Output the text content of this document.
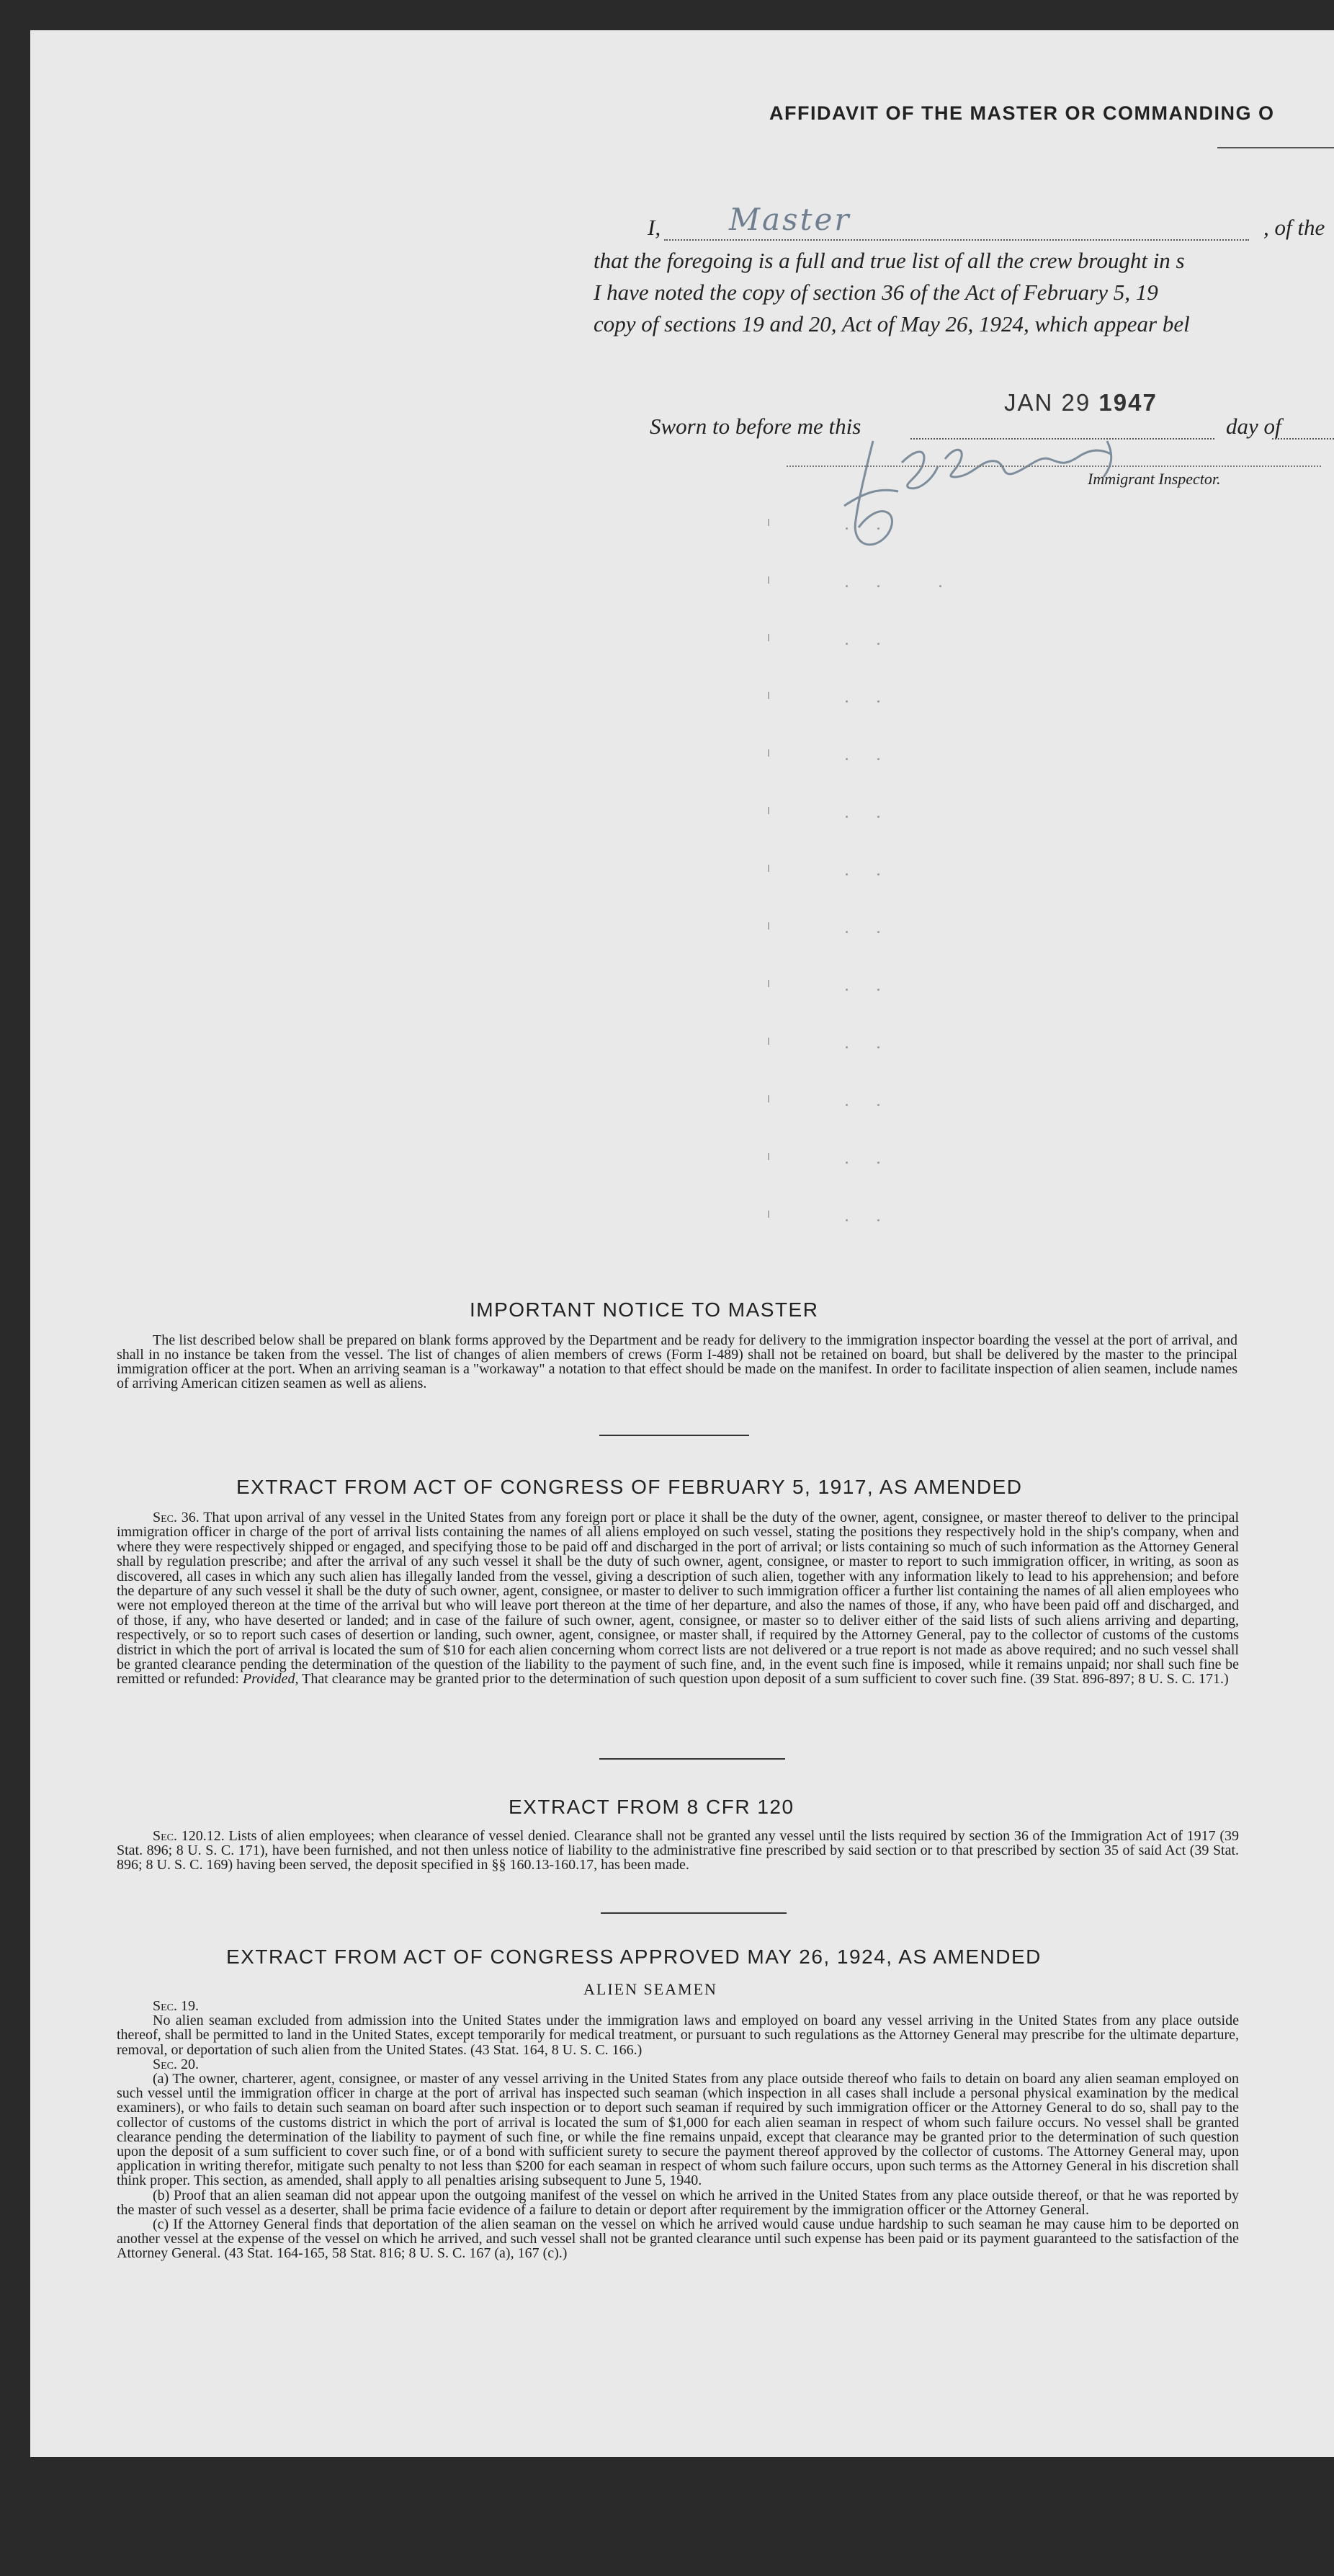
AFFIDAVIT OF THE MASTER OR COMMANDING O
I, Master	, of the
that the foregoing is a full and true list of all the crew brought in s
I have noted the copy of section 36 of the Act of February 5, 19
copy of sections 19 and 20, Act of May 26, 1924, which appear bel
Sworn to before me this
JAN 29 1947
day of
Immigrant Inspector.
IMPORTANT NOTICE TO MASTER

The list described below shall be prepared on blank forms approved by the Department and be ready for delivery to the immigration inspector boarding the vessel at the port of arrival, and shall in no instance be taken from the vessel. The list of changes of alien members of crews (Form I-489) shall not be retained on board, but shall be delivered by the master to the principal immigration officer at the port. When an arriving seaman is a "workaway" a notation to that effect should be made on the manifest. In order to facilitate inspection of alien seamen, include names of arriving American citizen seamen as well as aliens.

EXTRACT FROM ACT OF CONGRESS OF FEBRUARY 5, 1917, AS AMENDED

Sec. 36. That upon arrival of any vessel in the United States from any foreign port or place it shall be the duty of the owner, agent, consignee, or master thereof to deliver to the principal immigration officer in charge of the port of arrival lists containing the names of all aliens employed on such vessel, stating the positions they respectively hold in the ship's company, when and where they were respectively shipped or engaged, and specifying those to be paid off and discharged in the port of arrival; or lists containing so much of such information as the Attorney General shall by regulation prescribe; and after the arrival of any such vessel it shall be the duty of such owner, agent, consignee, or master to report to such immigration officer, in writing, as soon as discovered, all cases in which any such alien has illegally landed from the vessel, giving a description of such alien, together with any information likely to lead to his apprehension; and before the departure of any such vessel it shall be the duty of such owner, agent, consignee, or master to deliver to such immigration officer a further list containing the names of all alien employees who were not employed thereon at the time of the arrival but who will leave port thereon at the time of her departure, and also the names of those, if any, who have been paid off and discharged, and of those, if any, who have deserted or landed; and in case of the failure of such owner, agent, consignee, or master so to deliver either of the said lists of such aliens arriving and departing, respectively, or so to report such cases of desertion or landing, such owner, agent, consignee, or master shall, if required by the Attorney General, pay to the collector of customs of the customs district in which the port of arrival is located the sum of $10 for each alien concerning whom correct lists are not delivered or a true report is not made as above required; and no such vessel shall be granted clearance pending the determination of the question of the liability to the payment of such fine, and, in the event such fine is imposed, while it remains unpaid; nor shall such fine be remitted or refunded: Provided, That clearance may be granted prior to the determination of such question upon deposit of a sum sufficient to cover such fine. (39 Stat. 896-897; 8 U. S. C. 171.)

EXTRACT FROM 8 CFR 120

Sec. 120.12. Lists of alien employees; when clearance of vessel denied. Clearance shall not be granted any vessel until the lists required by section 36 of the Immigration Act of 1917 (39 Stat. 896; 8 U. S. C. 171), have been furnished, and not then unless notice of liability to the administrative fine prescribed by said section or to that prescribed by section 35 of said Act (39 Stat. 896; 8 U. S. C. 169) having been served, the deposit specified in §§ 160.13-160.17, has been made.

EXTRACT FROM ACT OF CONGRESS APPROVED MAY 26, 1924, AS AMENDED
ALIEN SEAMEN
Sec. 19.
No alien seaman excluded from admission into the United States under the immigration laws and employed on board any vessel arriving in the United States from any place outside thereof, shall be permitted to land in the United States, except temporarily for medical treatment, or pursuant to such regulations as the Attorney General may prescribe for the ultimate departure, removal, or deportation of such alien from the United States. (43 Stat. 164, 8 U. S. C. 166.)
Sec. 20.
(a) The owner, charterer, agent, consignee, or master of any vessel arriving in the United States from any place outside thereof who fails to detain on board any alien seaman employed on such vessel until the immigration officer in charge at the port of arrival has inspected such seaman (which inspection in all cases shall include a personal physical examination by the medical examiners), or who fails to detain such seaman on board after such inspection or to deport such seaman if required by such immigration officer or the Attorney General to do so, shall pay to the collector of customs of the customs district in which the port of arrival is located the sum of $1,000 for each alien seaman in respect of whom such failure occurs. No vessel shall be granted clearance pending the determination of the liability to payment of such fine, or while the fine remains unpaid, except that clearance may be granted prior to the determination of such question upon the deposit of a sum sufficient to cover such fine, or of a bond with sufficient surety to secure the payment thereof approved by the collector of customs. The Attorney General may, upon application in writing therefor, mitigate such penalty to not less than $200 for each seaman in respect of whom such failure occurs, upon such terms as the Attorney General in his discretion shall think proper. This section, as amended, shall apply to all penalties arising subsequent to June 5, 1940.
(b) Proof that an alien seaman did not appear upon the outgoing manifest of the vessel on which he arrived in the United States from any place outside thereof, or that he was reported by the master of such vessel as a deserter, shall be prima facie evidence of a failure to detain or deport after requirement by the immigration officer or the Attorney General.
(c) If the Attorney General finds that deportation of the alien seaman on the vessel on which he arrived would cause undue hardship to such seaman he may cause him to be deported on another vessel at the expense of the vessel on which he arrived, and such vessel shall not be granted clearance until such expense has been paid or its payment guaranteed to the satisfaction of the Attorney General. (43 Stat. 164-165, 58 Stat. 816; 8 U. S. C. 167 (a), 167 (c).)
